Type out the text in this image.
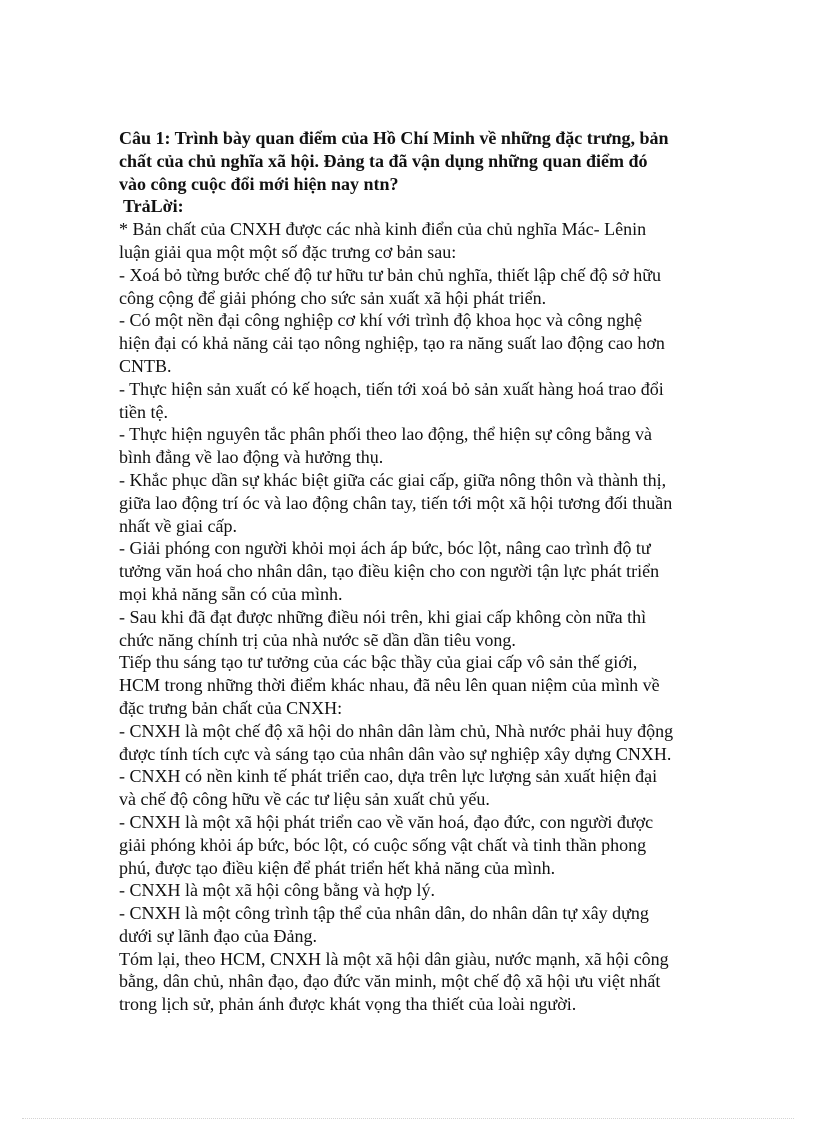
Câu 1: Trình bày quan điểm của Hồ Chí Minh về những đặc trưng, bản

chất của chủ nghĩa xã hội. Đảng ta đã vận dụng những quan điểm đó

vào công cuộc đổi mới hiện nay ntn?

TrảLời:

* Bản chất của CNXH được các nhà kinh điển của chủ nghĩa Mác- Lênin

luận giải qua một một số đặc trưng cơ bản sau:

- Xoá bỏ từng bước chế độ tư hữu tư bản chủ nghĩa, thiết lập chế độ sở hữu

công cộng để giải phóng cho sức sản xuất xã hội phát triển.

- Có một nền đại công nghiệp cơ khí với trình độ khoa học và công nghệ

hiện đại có khả năng cải tạo nông nghiệp, tạo ra năng suất lao động cao hơn

CNTB.

- Thực hiện sản xuất có kế hoạch, tiến tới xoá bỏ sản xuất hàng hoá trao đổi

tiền tệ.

- Thực hiện nguyên tắc phân phối theo lao động, thể hiện sự công bằng và

bình đẳng về lao động và hưởng thụ.

- Khắc phục dần sự khác biệt giữa các giai cấp, giữa nông thôn và thành thị,

giữa lao động trí óc và lao động chân tay, tiến tới một xã hội tương đối thuần

nhất về giai cấp.

- Giải phóng con người khỏi mọi ách áp bức, bóc lột, nâng cao trình độ tư

tưởng văn hoá cho nhân dân, tạo điều kiện cho con người tận lực phát triển

mọi khả năng sẵn có của mình.

- Sau khi đã đạt được những điều nói trên, khi giai cấp không còn nữa thì

chức năng chính trị của nhà nước sẽ dần dần tiêu vong.

Tiếp thu sáng tạo tư tưởng của các bậc thầy của giai cấp vô sản thế giới,

HCM trong những thời điểm khác nhau, đã nêu lên quan niệm của mình về

đặc trưng bản chất của CNXH:

- CNXH là một chế độ xã hội do nhân dân làm chủ, Nhà nước phải huy động

được tính tích cực và sáng tạo của nhân dân vào sự nghiệp xây dựng CNXH.

- CNXH có nền kinh tế phát triển cao, dựa trên lực lượng sản xuất hiện đại

và chế độ công hữu về các tư liệu sản xuất chủ yếu.

- CNXH là một xã hội phát triển cao về văn hoá, đạo đức, con người được

giải phóng khỏi áp bức, bóc lột, có cuộc sống vật chất và tinh thần phong

phú, được tạo điều kiện để phát triển hết khả năng của mình.

- CNXH là một xã hội công bằng và hợp lý.

- CNXH là một công trình tập thể của nhân dân, do nhân dân tự xây dựng

dưới sự lãnh đạo của Đảng.

Tóm lại, theo HCM, CNXH là một xã hội dân giàu, nước mạnh, xã hội công

bằng, dân chủ, nhân đạo, đạo đức văn minh, một chế độ xã hội ưu việt nhất

trong lịch sử, phản ánh được khát vọng tha thiết của loài người.
